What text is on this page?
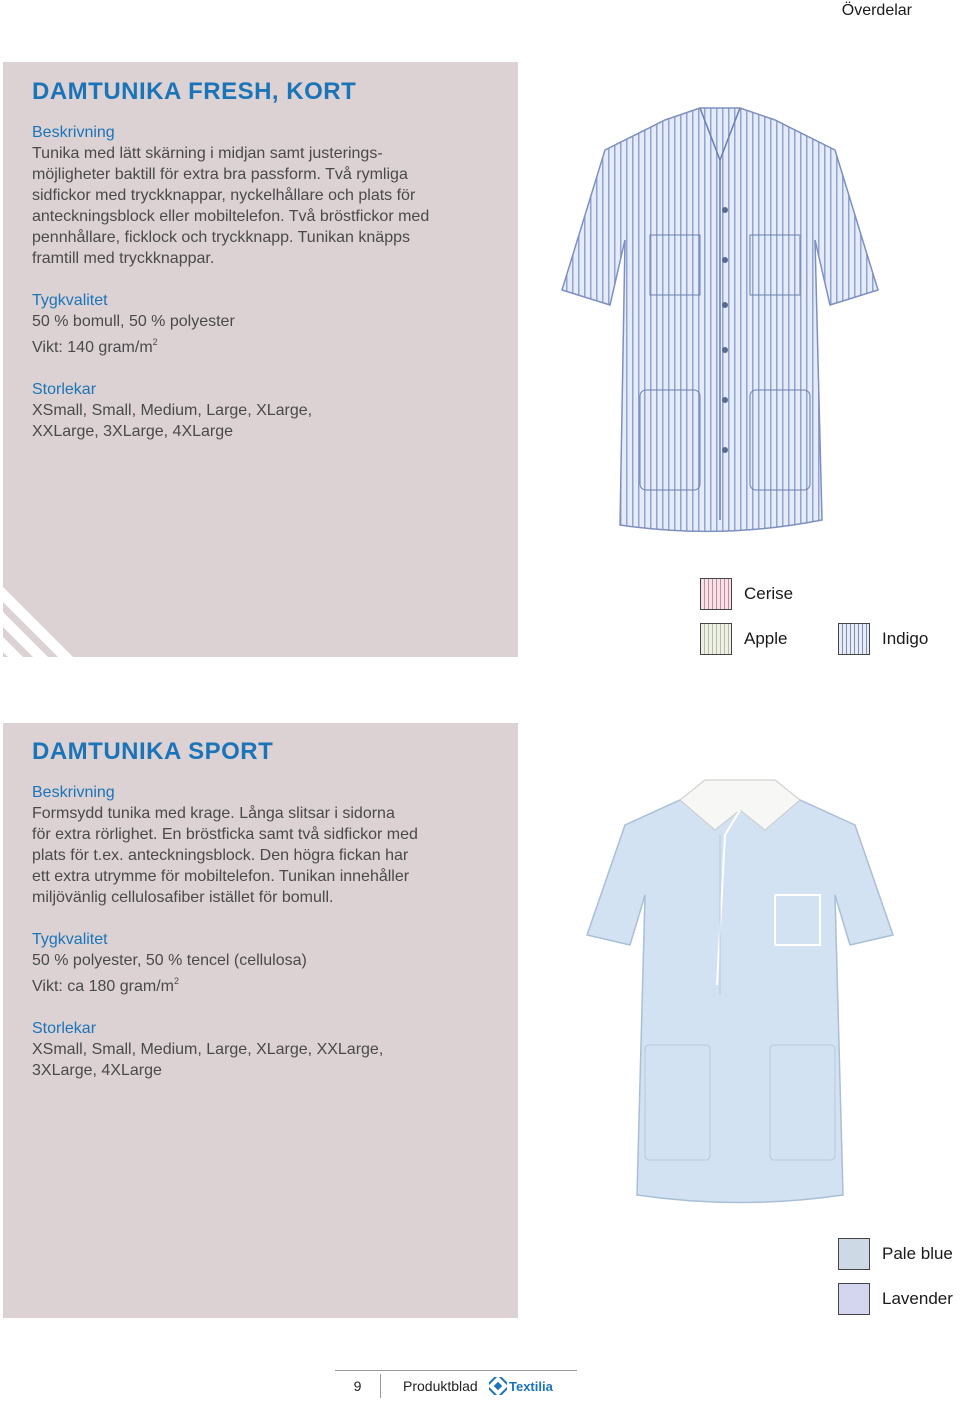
Överdelar
DAMTUNIKA FRESH, KORT

Beskrivning

Tunika med lätt skärning i midjan samt justerings-

möjligheter baktill för extra bra passform. Två rymliga

sidfickor med tryckknappar, nyckelhållare och plats för

anteckningsblock eller mobiltelefon. Två bröstfickor med

pennhållare, ficklock och tryckknapp. Tunikan knäpps

framtill med tryckknappar.

Tygkvalitet

50 % bomull, 50 % polyester

Vikt: 140 gram/$m^2$

Storlekar

XSmall, Small, Medium, Large, XLarge,

XXLarge, 3XLarge, 4XLarge

Cerise
Apple	Indigo
DAMTUNIKA SPORT

Beskrivning

Formsydd tunika med krage. Långa slitsar i sidorna

för extra rörlighet. En bröstficka samt två sidfickor med

plats för t.ex. anteckningsblock. Den högra fickan har

ett extra utrymme för mobiltelefon. Tunikan innehåller

miljövänlig cellulosafiber istället för bomull.

Tygkvalitet

50 % polyester, 50 % tencel (cellulosa)

Vikt: ca 180 gram/$m^2$

Storlekar

XSmall, Small, Medium, Large, XLarge, XXLarge,

3XLarge, 4XLarge

Pale blue
Lavender
9	Produktblad	Textilia
